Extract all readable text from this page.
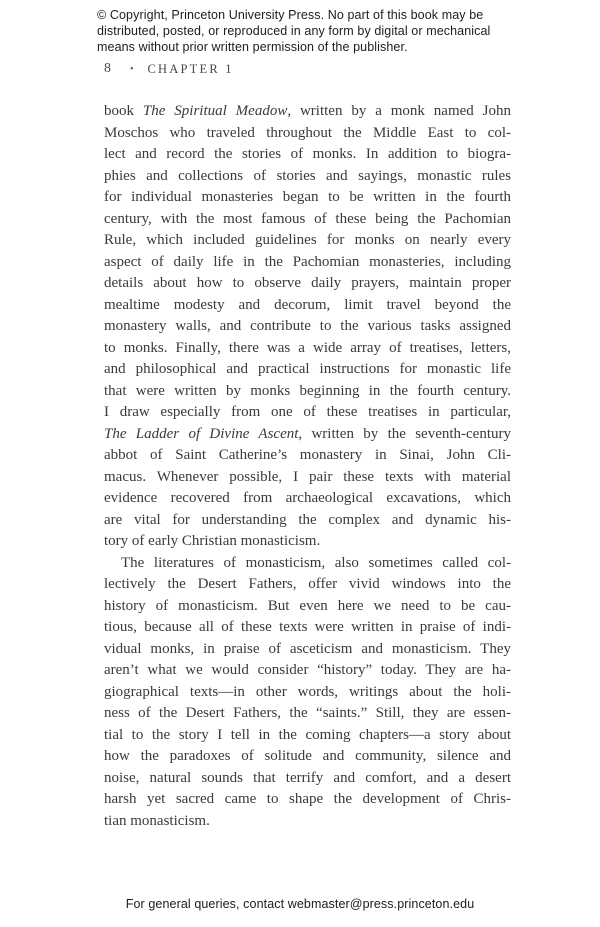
© Copyright, Princeton University Press. No part of this book may be
distributed, posted, or reproduced in any form by digital or mechanical
means without prior written permission of the publisher.
8 • CHAPTER 1
book The Spiritual Meadow, written by a monk named John
Moschos who traveled throughout the Middle East to col-
lect and record the stories of monks. In addition to biogra-
phies and collections of stories and sayings, monastic rules
for individual monasteries began to be written in the fourth
century, with the most famous of these being the Pachomian
Rule, which included guidelines for monks on nearly every
aspect of daily life in the Pachomian monasteries, including
details about how to observe daily prayers, maintain proper
mealtime modesty and decorum, limit travel beyond the
monastery walls, and contribute to the various tasks assigned
to monks. Finally, there was a wide array of treatises, letters,
and philosophical and practical instructions for monastic life
that were written by monks beginning in the fourth century.
I draw especially from one of these treatises in particular,
The Ladder of Divine Ascent, written by the seventh-century
abbot of Saint Catherine’s monastery in Sinai, John Cli-
macus. Whenever possible, I pair these texts with material
evidence recovered from archaeological excavations, which
are vital for understanding the complex and dynamic his-
tory of early Christian monasticism.
The literatures of monasticism, also sometimes called col-
lectively the Desert Fathers, offer vivid windows into the
history of monasticism. But even here we need to be cau-
tious, because all of these texts were written in praise of indi-
vidual monks, in praise of asceticism and monasticism. They
aren’t what we would consider “history” today. They are ha-
giographical texts—in other words, writings about the holi-
ness of the Desert Fathers, the “saints.” Still, they are essen-
tial to the story I tell in the coming chapters—a story about
how the paradoxes of solitude and community, silence and
noise, natural sounds that terrify and comfort, and a desert
harsh yet sacred came to shape the development of Chris-
tian monasticism.
For general queries, contact webmaster@press.princeton.edu
